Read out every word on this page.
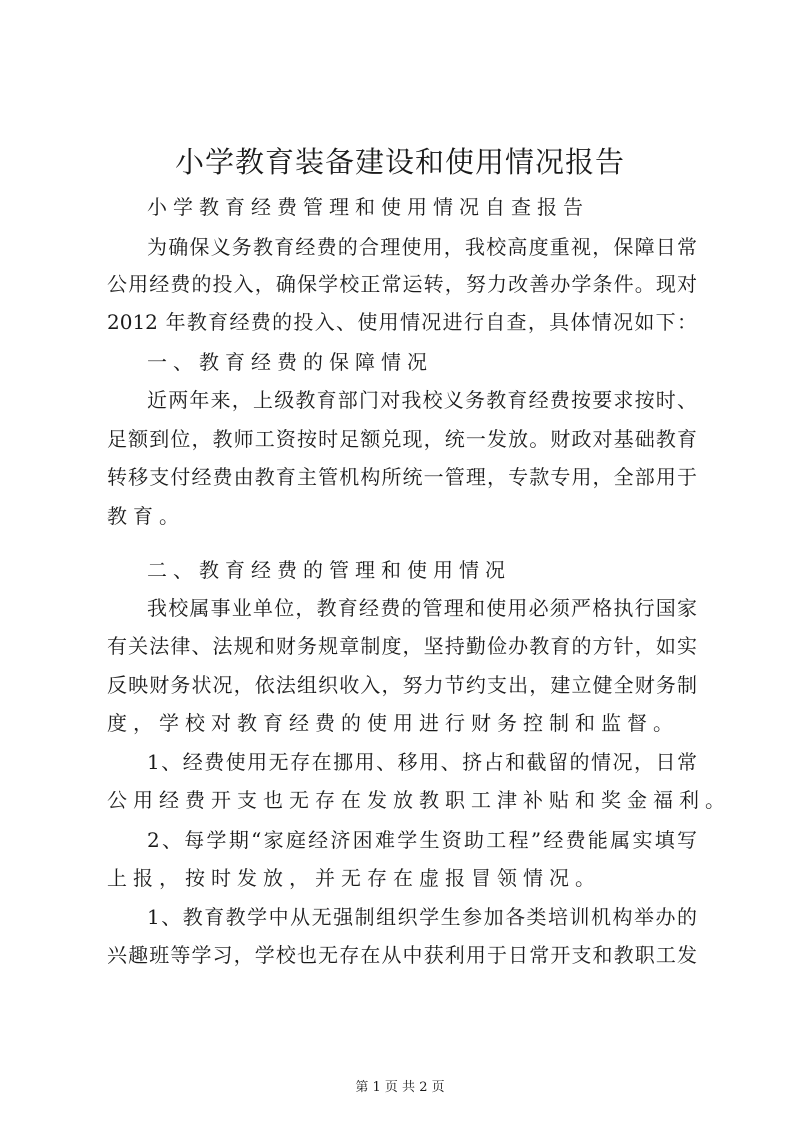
小学教育装备建设和使用情况报告
小学教育经费管理和使用情况自查报告
为确保义务教育经费的合理使用，我校高度重视，保障日常
公用经费的投入，确保学校正常运转，努力改善办学条件。现对
2012 年教育经费的投入、使用情况进行自查，具体情况如下：
一、教育经费的保障情况
近两年来，上级教育部门对我校义务教育经费按要求按时、
足额到位，教师工资按时足额兑现，统一发放。财政对基础教育
转移支付经费由教育主管机构所统一管理，专款专用，全部用于
教育。
二、教育经费的管理和使用情况
我校属事业单位，教育经费的管理和使用必须严格执行国家
有关法律、法规和财务规章制度，坚持勤俭办教育的方针，如实
反映财务状况，依法组织收入，努力节约支出，建立健全财务制
度，学校对教育经费的使用进行财务控制和监督。
1、经费使用无存在挪用、移用、挤占和截留的情况，日常
公用经费开支也无存在发放教职工津补贴和奖金福利。
2、每学期“家庭经济困难学生资助工程”经费能属实填写
上报，按时发放，并无存在虚报冒领情况。
1、教育教学中从无强制组织学生参加各类培训机构举办的
兴趣班等学习，学校也无存在从中获利用于日常开支和教职工发
第 1 页 共 2 页
